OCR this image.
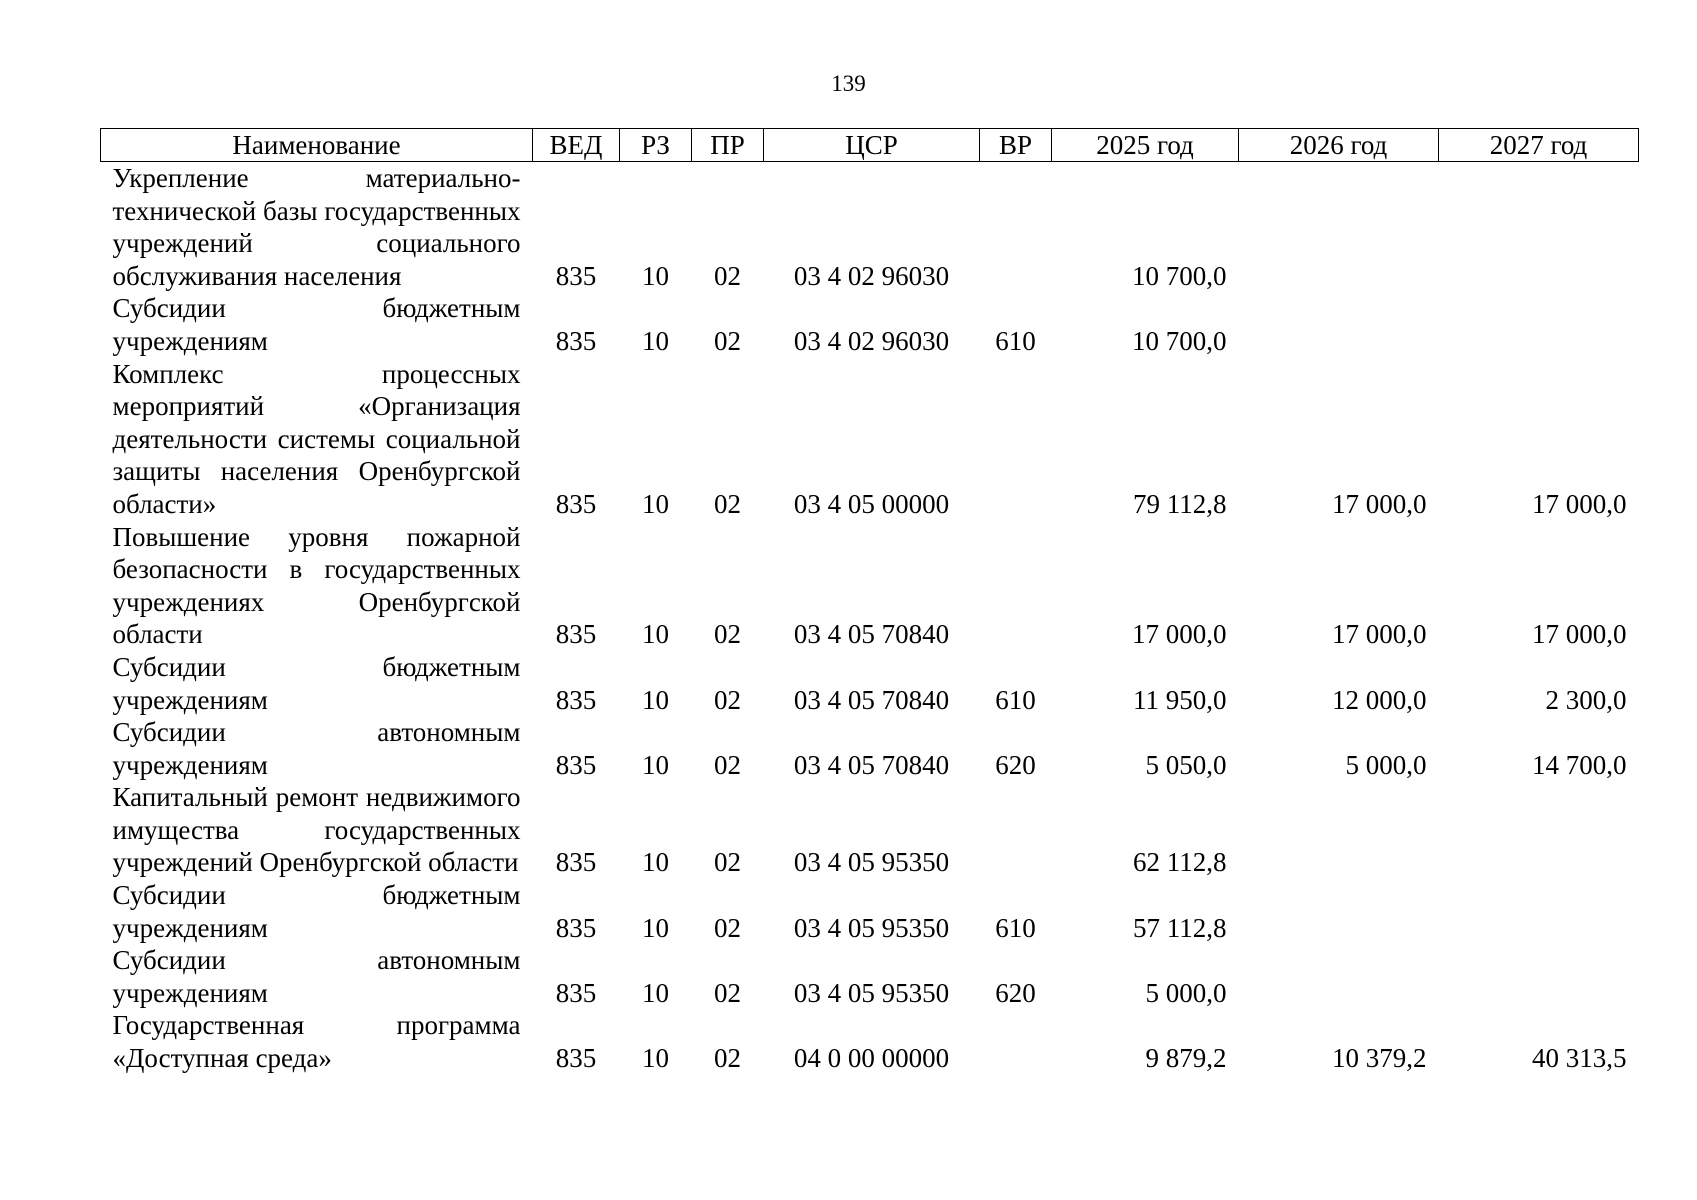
139
Наименование	ВЕД	РЗ	ПР	ЦСР	ВР	2025 год	2026 год	2027 год
Укрепление материально-технической базы государственных учреждений социального обслуживания населения	835	10	02	03 4 02 96030		10 700,0		
Субсидии бюджетным учреждениям	835	10	02	03 4 02 96030	610	10 700,0		
Комплекс процессных мероприятий «Организация деятельности системы социальной защиты населения Оренбургской области»	835	10	02	03 4 05 00000		79 112,8	17 000,0	17 000,0
Повышение уровня пожарной безопасности в государственных учреждениях Оренбургской области	835	10	02	03 4 05 70840		17 000,0	17 000,0	17 000,0
Субсидии бюджетным учреждениям	835	10	02	03 4 05 70840	610	11 950,0	12 000,0	2 300,0
Субсидии автономным учреждениям	835	10	02	03 4 05 70840	620	5 050,0	5 000,0	14 700,0
Капитальный ремонт недвижимого имущества государственных учреждений Оренбургской области	835	10	02	03 4 05 95350		62 112,8		
Субсидии бюджетным учреждениям	835	10	02	03 4 05 95350	610	57 112,8		
Субсидии автономным учреждениям	835	10	02	03 4 05 95350	620	5 000,0		
Государственная программа «Доступная среда»	835	10	02	04 0 00 00000		9 879,2	10 379,2	40 313,5
